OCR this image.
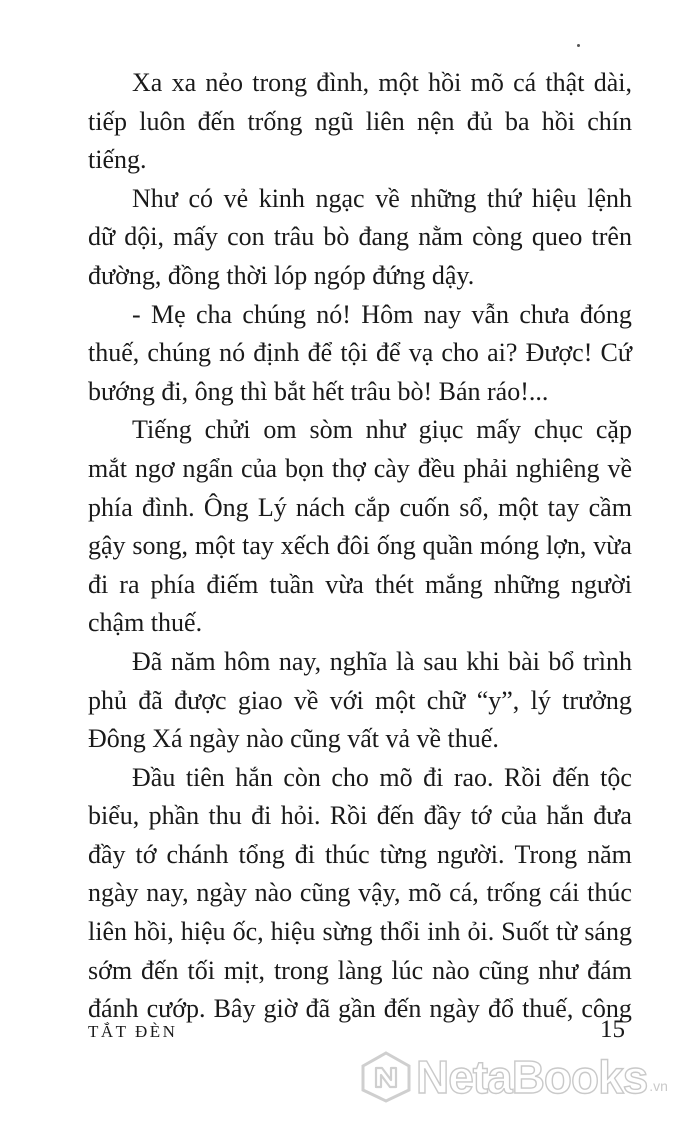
Xa xa nẻo trong đình, một hồi mõ cá thật dài,
tiếp luôn đến trống ngũ liên nện đủ ba hồi chín
tiếng.
Như có vẻ kinh ngạc về những thứ hiệu lệnh
dữ dội, mấy con trâu bò đang nằm còng queo trên
đường, đồng thời lóp ngóp đứng dậy.
- Mẹ cha chúng nó! Hôm nay vẫn chưa đóng
thuế, chúng nó định để tội để vạ cho ai? Được! Cứ
bướng đi, ông thì bắt hết trâu bò! Bán ráo!...
Tiếng chửi om sòm như giục mấy chục cặp
mắt ngơ ngẩn của bọn thợ cày đều phải nghiêng về
phía đình. Ông Lý nách cắp cuốn sổ, một tay cầm
gậy song, một tay xếch đôi ống quần móng lợn, vừa
đi ra phía điếm tuần vừa thét mắng những người
chậm thuế.
Đã năm hôm nay, nghĩa là sau khi bài bổ trình
phủ đã được giao về với một chữ “y”, lý trưởng
Đông Xá ngày nào cũng vất vả về thuế.
Đầu tiên hắn còn cho mõ đi rao. Rồi đến tộc
biểu, phần thu đi hỏi. Rồi đến đầy tớ của hắn đưa
đầy tớ chánh tổng đi thúc từng người. Trong năm
ngày nay, ngày nào cũng vậy, mõ cá, trống cái thúc
liên hồi, hiệu ốc, hiệu sừng thổi inh ỏi. Suốt từ sáng
sớm đến tối mịt, trong làng lúc nào cũng như đám
đánh cướp. Bây giờ đã gần đến ngày đổ thuế, công
TẮT ĐÈN	15
NetaBooks .vn
